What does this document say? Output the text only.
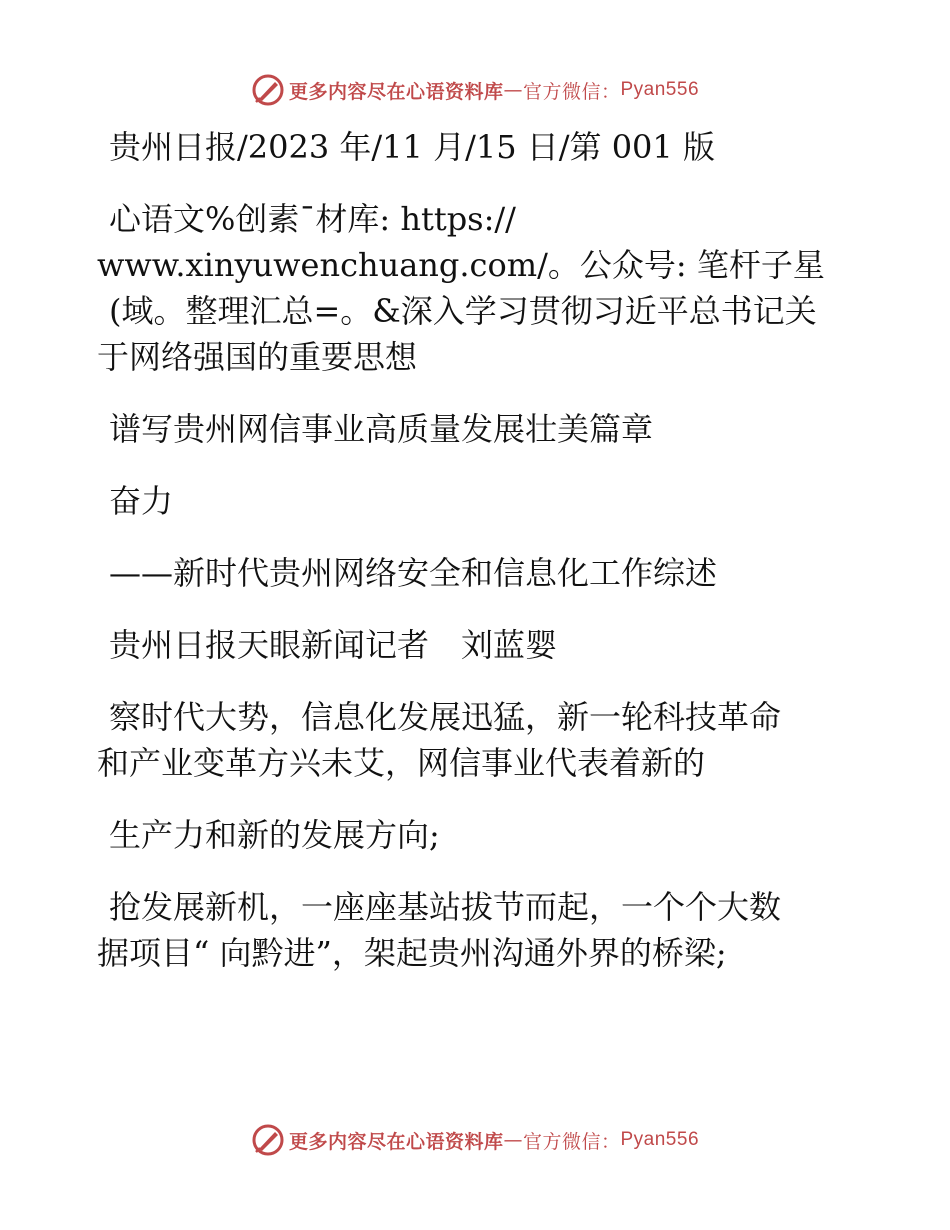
更多内容尽在心语资料库 — 官方微信： Pyan556

贵州日报/2023 年/11 月/15 日/第 001 版

心语文%创素¯材库: https://

www.xinyuwenchuang.com/。公众号: 笔杆子星

(域。整理汇总=。&深入学习贯彻习近平总书记关

于网络强国的重要思想

谱写贵州网信事业高质量发展壮美篇章

奋力

——新时代贵州网络安全和信息化工作综述

贵州日报天眼新闻记者　刘蓝婴

察时代大势，信息化发展迅猛，新一轮科技革命

和产业变革方兴未艾，网信事业代表着新的

生产力和新的发展方向;

抢发展新机，一座座基站拔节而起，一个个大数

据项目“ 向黔进”，架起贵州沟通外界的桥梁;

更多内容尽在心语资料库 — 官方微信： Pyan556
